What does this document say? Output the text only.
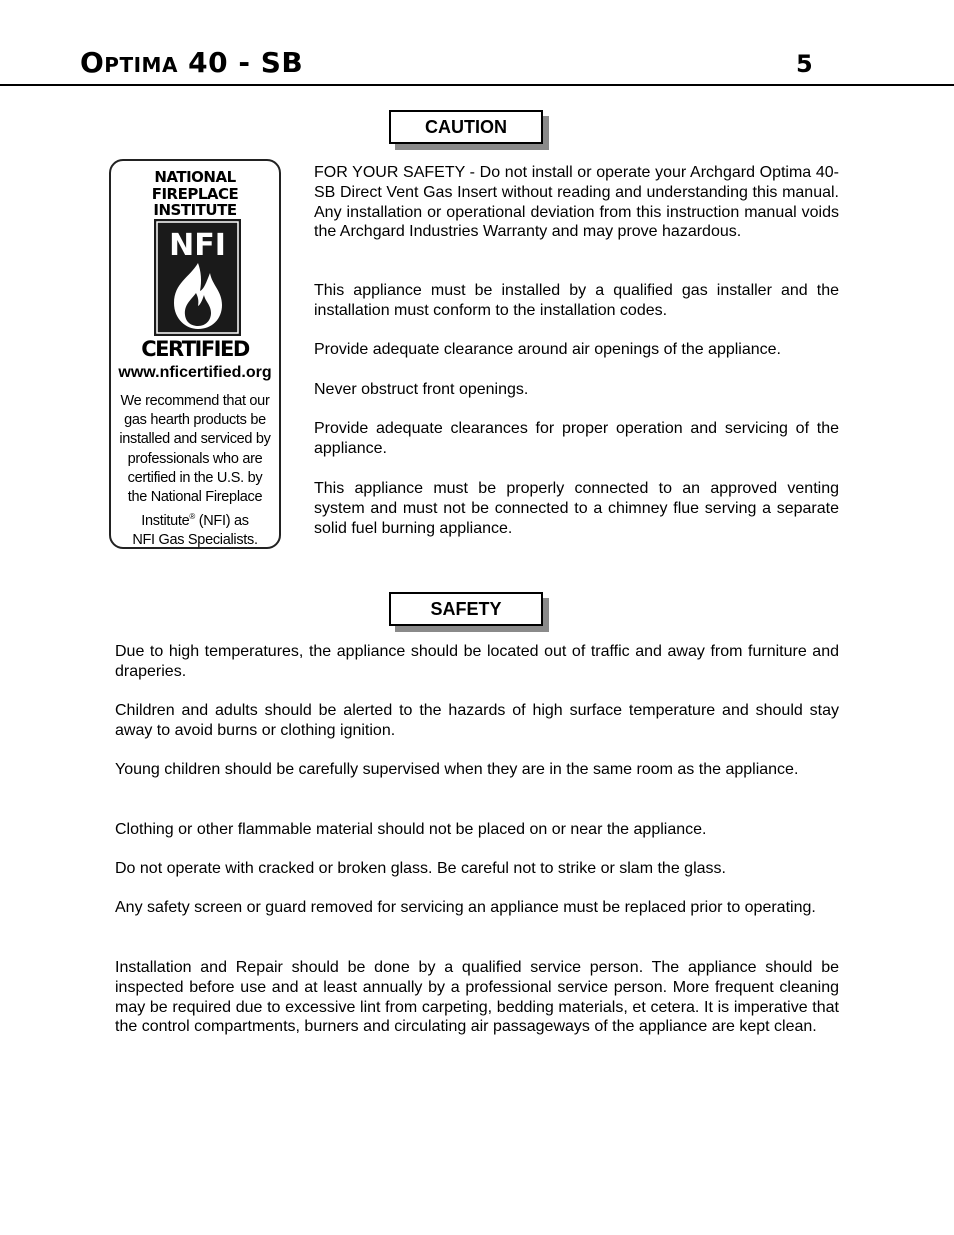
Optima 40 - SB	5
CAUTION
NATIONAL
FIREPLACE
INSTITUTE
NFI
CERTIFIED
www.nficertified.org
We recommend that our
gas hearth products be
installed and serviced by
professionals who are
certified in the U.S. by
the National Fireplace
Institute® (NFI) as
NFI Gas Specialists.

FOR YOUR SAFETY - Do not install or operate your Archgard Optima 40-SB Direct Vent Gas Insert without reading and understanding this manual. Any installation or operational deviation from this instruction manual voids the Archgard Industries Warranty and may prove hazardous.

This appliance must be installed by a qualified gas installer and the installation must conform to the installation codes.

Provide adequate clearance around air openings of the appliance.

Never obstruct front openings.

Provide adequate clearances for proper operation and servicing of the appliance.

This appliance must be properly connected to an approved venting system and must not be connected to a chimney flue serving a separate solid fuel burning appliance.

SAFETY

Due to high temperatures, the appliance should be located out of traffic and away from furniture and draperies.

Children and adults should be alerted to the hazards of high surface temperature and should stay away to avoid burns or clothing ignition.

Young children should be carefully supervised when they are in the same room as the appliance.

Clothing or other flammable material should not be placed on or near the appliance.

Do not operate with cracked or broken glass. Be careful not to strike or slam the glass.

Any safety screen or guard removed for servicing an appliance must be replaced prior to operating.

Installation and Repair should be done by a qualified service person. The appliance should be inspected before use and at least annually by a professional service person. More frequent cleaning may be required due to excessive lint from carpeting, bedding materials, et cetera. It is imperative that the control compartments, burners and circulating air passageways of the appliance are kept clean.
